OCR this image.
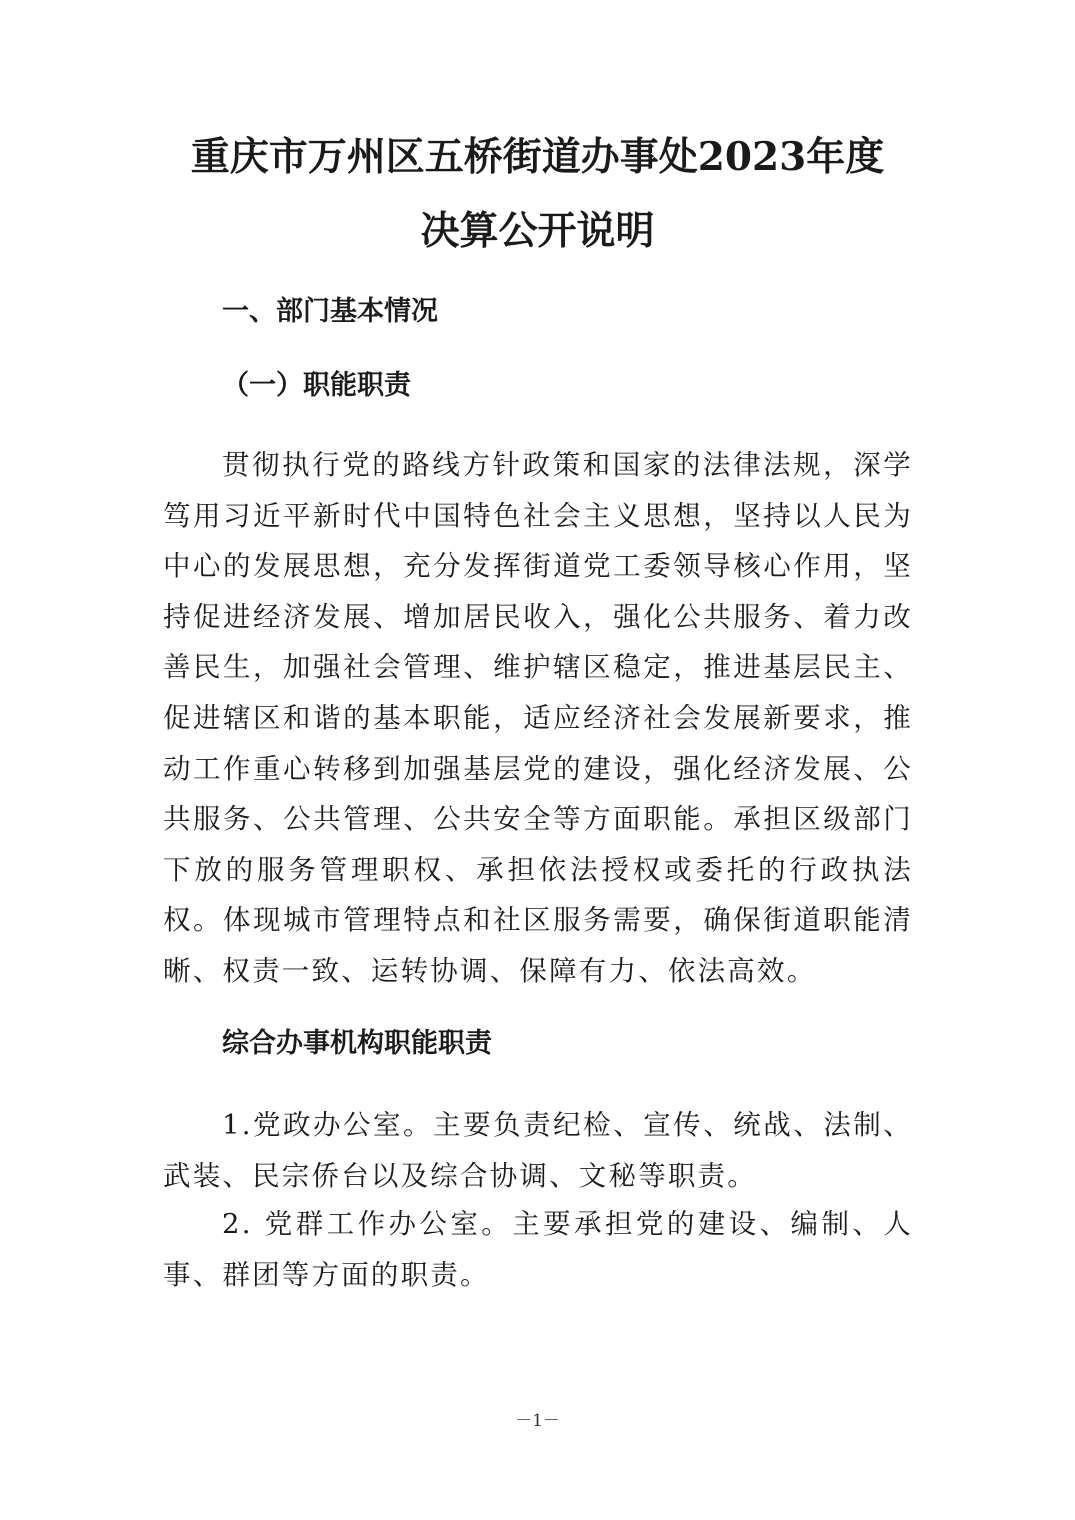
重庆市万州区五桥街道办事处2023年度
决算公开说明
一、部门基本情况
（一）职能职责

贯彻执行党的路线方针政策和国家的法律法规，深学笃用习近平新时代中国特色社会主义思想，坚持以人民为中心的发展思想，充分发挥街道党工委领导核心作用，坚持促进经济发展、增加居民收入，强化公共服务、着力改善民生，加强社会管理、维护辖区稳定，推进基层民主、促进辖区和谐的基本职能，适应经济社会发展新要求，推动工作重心转移到加强基层党的建设，强化经济发展、公共服务、公共管理、公共安全等方面职能。承担区级部门下放的服务管理职权、承担依法授权或委托的行政执法权。体现城市管理特点和社区服务需要，确保街道职能清晰、权责一致、运转协调、保障有力、依法高效。

综合办事机构职能职责

1.党政办公室。主要负责纪检、宣传、统战、法制、武装、民宗侨台以及综合协调、文秘等职责。

2. 党群工作办公室。主要承担党的建设、编制、人事、群团等方面的职责。

－1－
